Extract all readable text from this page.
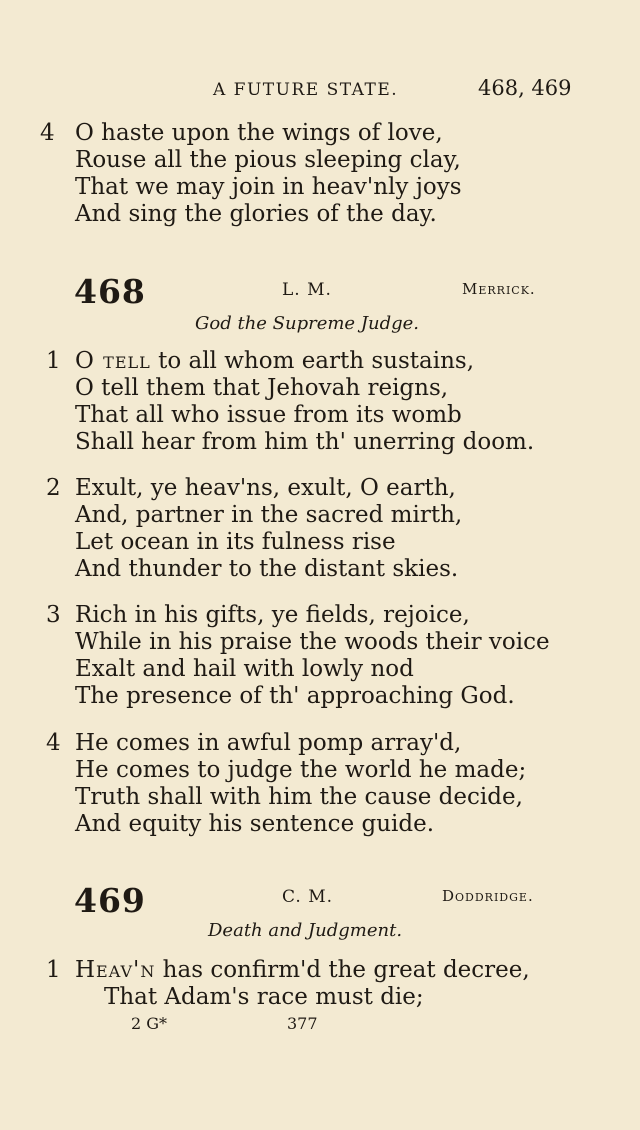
A FUTURE STATE.	468, 469
4 O haste upon the wings of love,
Rouse all the pious sleeping clay,
That we may join in heav'nly joys
And sing the glories of the day.
468	L. M.	Merrick.
God the Supreme Judge.
1 O tell to all whom earth sustains,
O tell them that Jehovah reigns,
That all who issue from its womb
Shall hear from him th' unerring doom.
2 Exult, ye heav'ns, exult, O earth,
And, partner in the sacred mirth,
Let ocean in its fulness rise
And thunder to the distant skies.
3 Rich in his gifts, ye fields, rejoice,
While in his praise the woods their voice
Exalt and hail with lowly nod
The presence of th' approaching God.
4 He comes in awful pomp array'd,
He comes to judge the world he made;
Truth shall with him the cause decide,
And equity his sentence guide.
469	C. M.	Doddridge.
Death and Judgment.
1 Heav'n has confirm'd the great decree,
That Adam's race must die;
2 G*	377
